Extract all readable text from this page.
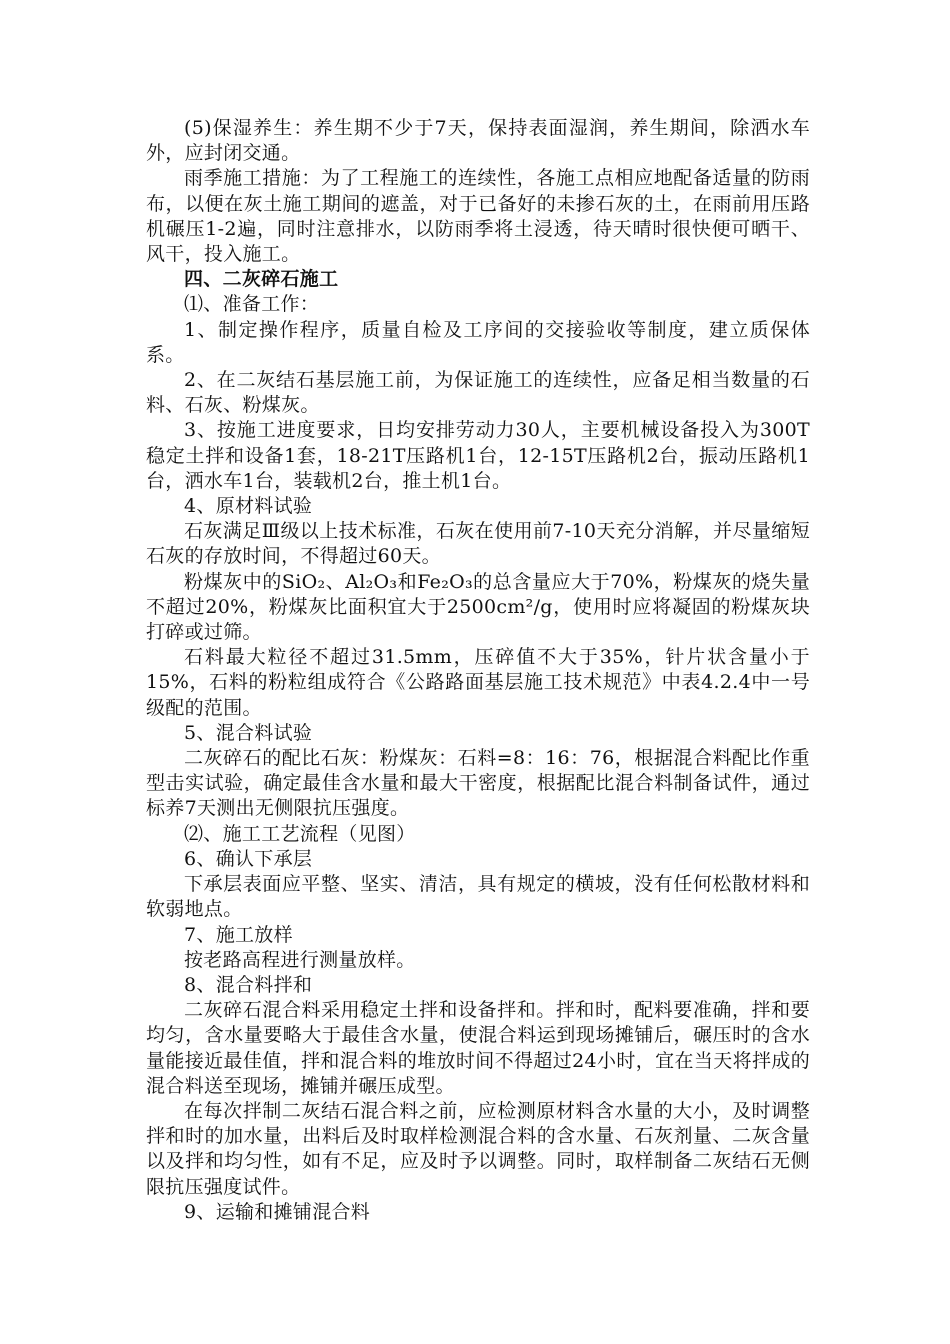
(5)保湿养生：养生期不少于7天，保持表面湿润，养生期间，除洒水车外，应封闭交通。

雨季施工措施：为了工程施工的连续性，各施工点相应地配备适量的防雨布，以便在灰土施工期间的遮盖，对于已备好的未掺石灰的土，在雨前用压路机碾压1-2遍，同时注意排水，以防雨季将土浸透，待天晴时很快便可晒干、风干，投入施工。

四、二灰碎石施工

⑴、准备工作：

1、制定操作程序，质量自检及工序间的交接验收等制度，建立质保体系。

2、在二灰结石基层施工前，为保证施工的连续性，应备足相当数量的石料、石灰、粉煤灰。

3、按施工进度要求，日均安排劳动力30人，主要机械设备投入为300T稳定土拌和设备1套，18-21T压路机1台，12-15T压路机2台，振动压路机1台，洒水车1台，装载机2台，推土机1台。

4、原材料试验

石灰满足Ⅲ级以上技术标准，石灰在使用前7-10天充分消解，并尽量缩短石灰的存放时间，不得超过60天。

粉煤灰中的SiO₂、Al₂O₃和Fe₂O₃的总含量应大于70%，粉煤灰的烧失量不超过20%，粉煤灰比面积宜大于2500cm²/g，使用时应将凝固的粉煤灰块打碎或过筛。

石料最大粒径不超过31.5mm，压碎值不大于35%，针片状含量小于15%，石料的粉粒组成符合《公路路面基层施工技术规范》中表4.2.4中一号级配的范围。

5、混合料试验

二灰碎石的配比石灰：粉煤灰：石料=8：16：76，根据混合料配比作重型击实试验，确定最佳含水量和最大干密度，根据配比混合料制备试件，通过标养7天测出无侧限抗压强度。

⑵、施工工艺流程（见图）

6、确认下承层

下承层表面应平整、坚实、清洁，具有规定的横坡，没有任何松散材料和软弱地点。

7、施工放样

按老路高程进行测量放样。

8、混合料拌和

二灰碎石混合料采用稳定土拌和设备拌和。拌和时，配料要准确，拌和要均匀，含水量要略大于最佳含水量，使混合料运到现场摊铺后，碾压时的含水量能接近最佳值，拌和混合料的堆放时间不得超过24小时，宜在当天将拌成的混合料送至现场，摊铺并碾压成型。

在每次拌制二灰结石混合料之前，应检测原材料含水量的大小，及时调整拌和时的加水量，出料后及时取样检测混合料的含水量、石灰剂量、二灰含量以及拌和均匀性，如有不足，应及时予以调整。同时，取样制备二灰结石无侧限抗压强度试件。

9、运输和摊铺混合料
